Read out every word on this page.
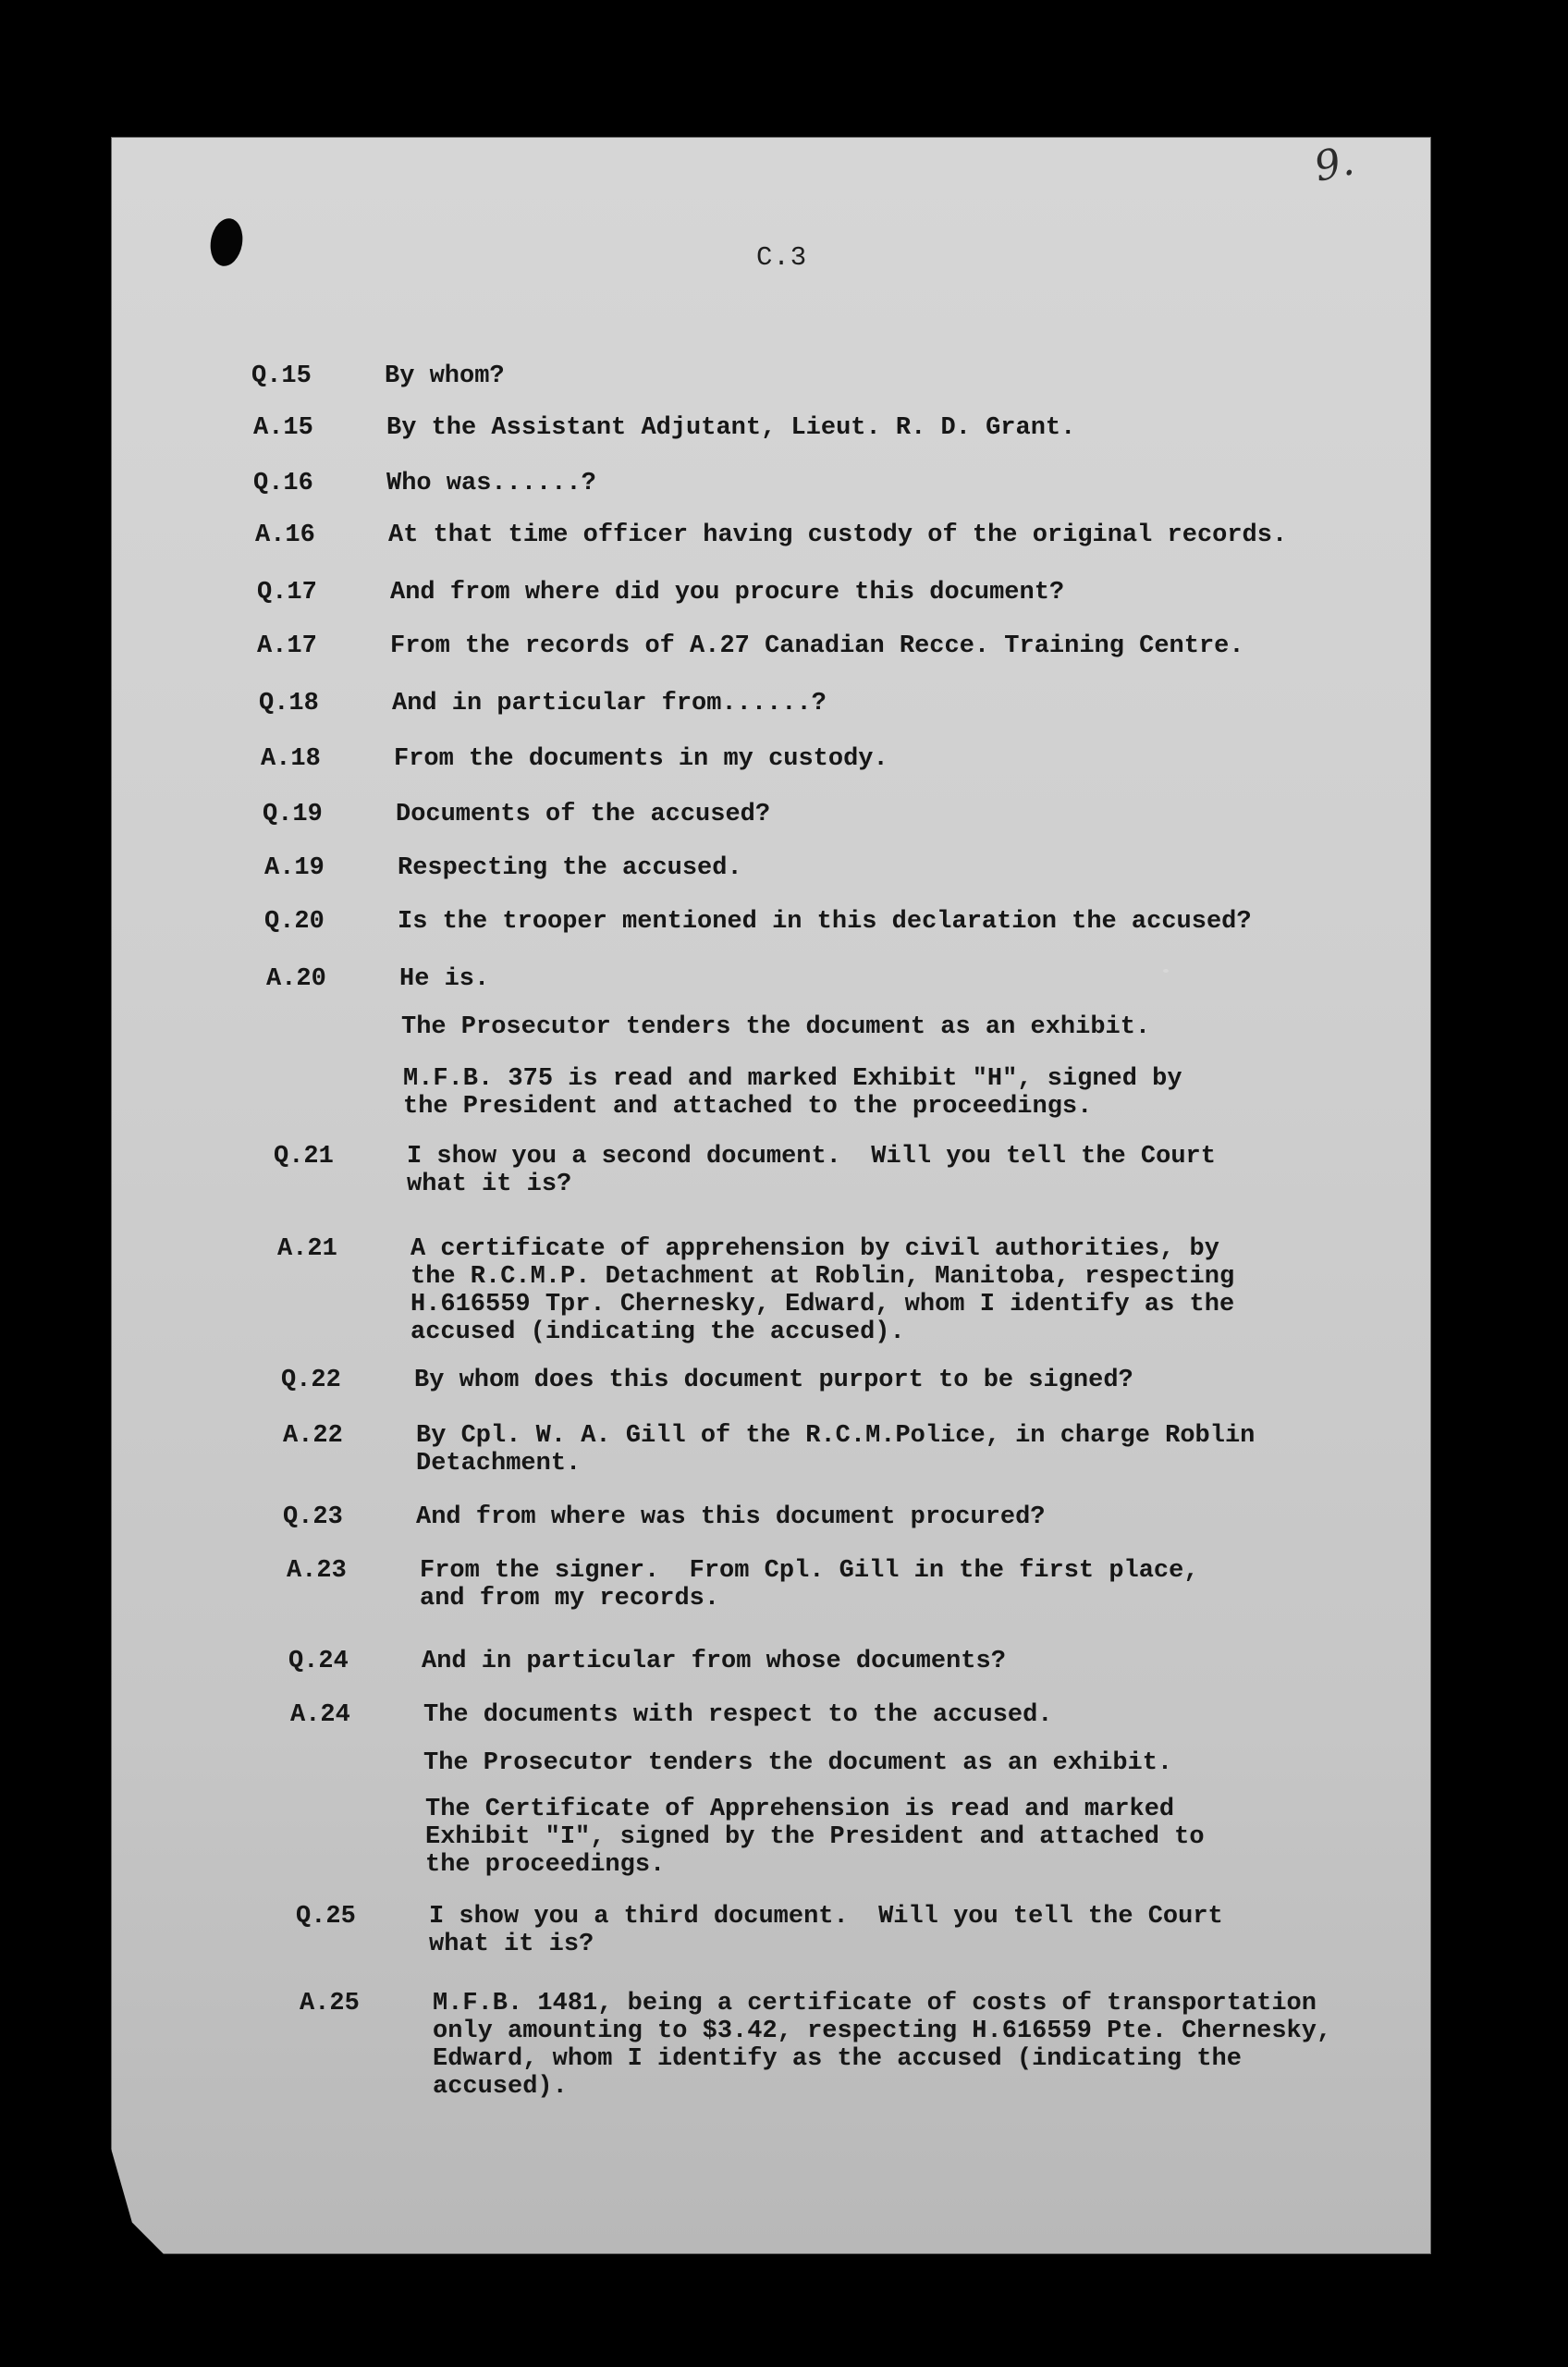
9.
C.3
Q.15	By whom?
A.15	By the Assistant Adjutant, Lieut. R. D. Grant.
Q.16	Who was......?
A.16	At that time officer having custody of the original records.
Q.17	And from where did you procure this document?
A.17	From the records of A.27 Canadian Recce. Training Centre.
Q.18	And in particular from......?
A.18	From the documents in my custody.
Q.19	Documents of the accused?
A.19	Respecting the accused.
Q.20	Is the trooper mentioned in this declaration the accused?
A.20	He is.
The Prosecutor tenders the document as an exhibit.
M.F.B. 375 is read and marked Exhibit "H", signed by
the President and attached to the proceedings.
Q.21	I show you a second document.  Will you tell the Court
what it is?
A.21	A certificate of apprehension by civil authorities, by
the R.C.M.P. Detachment at Roblin, Manitoba, respecting
H.616559 Tpr. Chernesky, Edward, whom I identify as the
accused (indicating the accused).
Q.22	By whom does this document purport to be signed?
A.22	By Cpl. W. A. Gill of the R.C.M.Police, in charge Roblin
Detachment.
Q.23	And from where was this document procured?
A.23	From the signer.  From Cpl. Gill in the first place,
and from my records.
Q.24	And in particular from whose documents?
A.24	The documents with respect to the accused.
The Prosecutor tenders the document as an exhibit.
The Certificate of Apprehension is read and marked
Exhibit "I", signed by the President and attached to
the proceedings.
Q.25	I show you a third document.  Will you tell the Court
what it is?
A.25	M.F.B. 1481, being a certificate of costs of transportation
only amounting to $3.42, respecting H.616559 Pte. Chernesky,
Edward, whom I identify as the accused (indicating the
accused).
